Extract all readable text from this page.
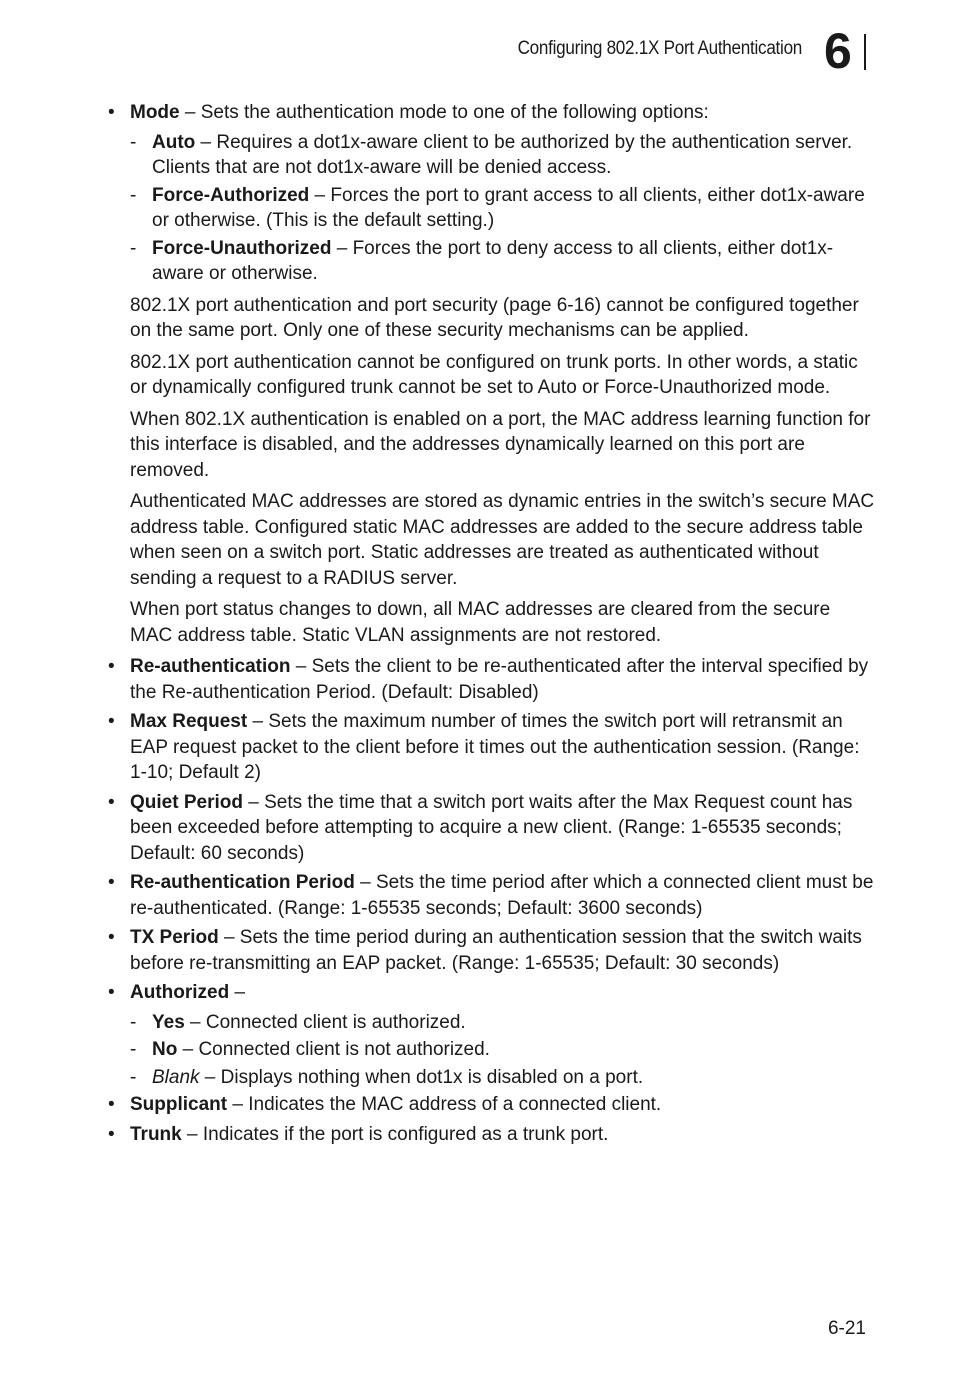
Configuring 802.1X Port Authentication 6
• Mode – Sets the authentication mode to one of the following options:
- Auto – Requires a dot1x-aware client to be authorized by the authentication server. Clients that are not dot1x-aware will be denied access.
- Force-Authorized – Forces the port to grant access to all clients, either dot1x-aware or otherwise. (This is the default setting.)
- Force-Unauthorized – Forces the port to deny access to all clients, either dot1x-aware or otherwise.
802.1X port authentication and port security (page 6-16) cannot be configured together on the same port. Only one of these security mechanisms can be applied.
802.1X port authentication cannot be configured on trunk ports. In other words, a static or dynamically configured trunk cannot be set to Auto or Force-Unauthorized mode.
When 802.1X authentication is enabled on a port, the MAC address learning function for this interface is disabled, and the addresses dynamically learned on this port are removed.
Authenticated MAC addresses are stored as dynamic entries in the switch’s secure MAC address table. Configured static MAC addresses are added to the secure address table when seen on a switch port. Static addresses are treated as authenticated without sending a request to a RADIUS server.
When port status changes to down, all MAC addresses are cleared from the secure MAC address table. Static VLAN assignments are not restored.
• Re-authentication – Sets the client to be re-authenticated after the interval specified by the Re-authentication Period. (Default: Disabled)
• Max Request – Sets the maximum number of times the switch port will retransmit an EAP request packet to the client before it times out the authentication session. (Range: 1-10; Default 2)
• Quiet Period – Sets the time that a switch port waits after the Max Request count has been exceeded before attempting to acquire a new client. (Range: 1-65535 seconds; Default: 60 seconds)
• Re-authentication Period – Sets the time period after which a connected client must be re-authenticated. (Range: 1-65535 seconds; Default: 3600 seconds)
• TX Period – Sets the time period during an authentication session that the switch waits before re-transmitting an EAP packet. (Range: 1-65535; Default: 30 seconds)
• Authorized –
- Yes – Connected client is authorized.
- No – Connected client is not authorized.
- Blank – Displays nothing when dot1x is disabled on a port.
• Supplicant – Indicates the MAC address of a connected client.
• Trunk – Indicates if the port is configured as a trunk port.
6-21
